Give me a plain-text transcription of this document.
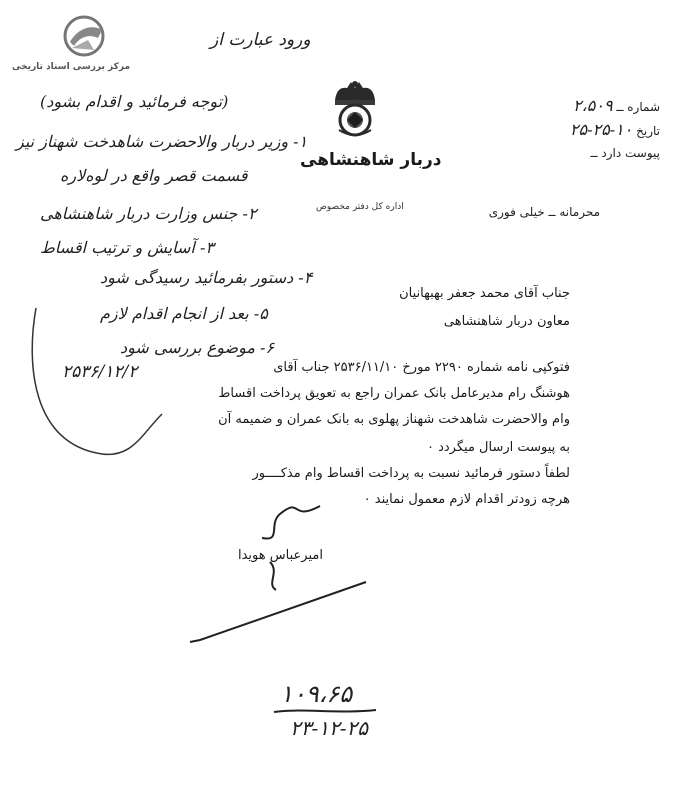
مرکز بررسی اسناد تاریخی
دربار شاهنشاهی
اداره کل دفتر مخصوص
شماره ــ ۲،۵۰۹
تاریخ ۱۰-۲۵-۲۵
پیوست دارد ــ
محرمانه ــ خیلی فوری
جناب آقای محمد جعفر بهبهانیان
معاون دربار شاهنشاهی
فتوکپی نامه شماره ۲۲۹۰ مورخ ۲۵۳۶/۱۱/۱۰ جناب آقای
هوشنگ رام مدیرعامل بانک عمران راجع به تعویق پرداخت اقساط
وام والاحضرت شاهدخت شهناز پهلوی به بانک عمران و ضمیمه آن
به پیوست ارسال میگردد ٠
لطفاً دستور فرمائید نسبت به پرداخت اقساط وام مذکــــور
هرچه زودتر اقدام لازم معمول نمایند ٠
امیرعباس هویدا
ورود عبارت از
(توجه فرمائید و اقدام بشود)
۱- وزیر دربار والاحضرت شاهدخت شهناز نیز
قسمت قصر واقع در لوه‌لاره
۲- جنس وزارت دربار شاهنشاهی
۳- آسایش و ترتیب اقساط
۴- دستور بفرمائید رسیدگی شود
۵- بعد از انجام اقدام لازم
۶- موضوع بررسی شود
۲۵۳۶/۱۲/۲
۱۰۹،۶۵
۲۳-۱۲-۲۵
